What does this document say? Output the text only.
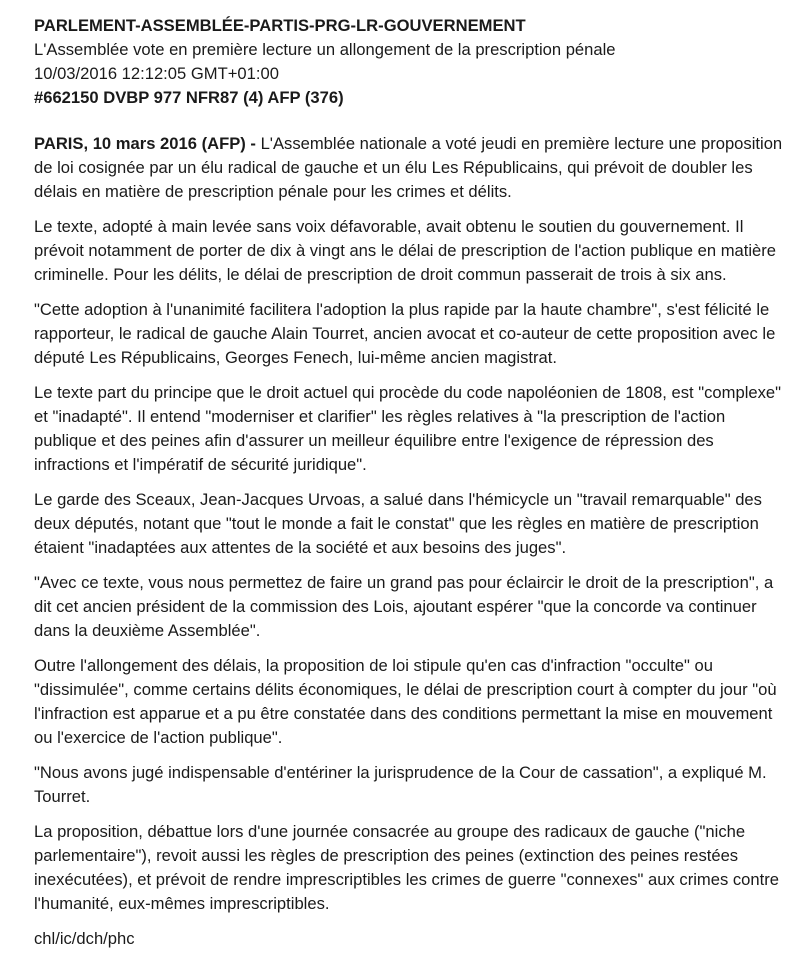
PARLEMENT-ASSEMBLÉE-PARTIS-PRG-LR-GOUVERNEMENT

L'Assemblée vote en première lecture un allongement de la prescription pénale

10/03/2016 12:12:05 GMT+01:00

#662150 DVBP 977 NFR87 (4) AFP (376)

PARIS, 10 mars 2016 (AFP) - L'Assemblée nationale a voté jeudi en première lecture une proposition de loi cosignée par un élu radical de gauche et un élu Les Républicains, qui prévoit de doubler les délais en matière de prescription pénale pour les crimes et délits.

Le texte, adopté à main levée sans voix défavorable, avait obtenu le soutien du gouvernement. Il prévoit notamment de porter de dix à vingt ans le délai de prescription de l'action publique en matière criminelle. Pour les délits, le délai de prescription de droit commun passerait de trois à six ans.

"Cette adoption à l'unanimité facilitera l'adoption la plus rapide par la haute chambre", s'est félicité le rapporteur, le radical de gauche Alain Tourret, ancien avocat et co-auteur de cette proposition avec le député Les Républicains, Georges Fenech, lui-même ancien magistrat.

Le texte part du principe que le droit actuel qui procède du code napoléonien de 1808, est "complexe" et "inadapté". Il entend "moderniser et clarifier" les règles relatives à "la prescription de l'action publique et des peines afin d'assurer un meilleur équilibre entre l'exigence de répression des infractions et l'impératif de sécurité juridique".

Le garde des Sceaux, Jean-Jacques Urvoas, a salué dans l'hémicycle un "travail remarquable" des deux députés, notant que "tout le monde a fait le constat" que les règles en matière de prescription étaient "inadaptées aux attentes de la société et aux besoins des juges".

"Avec ce texte, vous nous permettez de faire un grand pas pour éclaircir le droit de la prescription", a dit cet ancien président de la commission des Lois, ajoutant espérer "que la concorde va continuer dans la deuxième Assemblée".

Outre l'allongement des délais, la proposition de loi stipule qu'en cas d'infraction "occulte" ou "dissimulée", comme certains délits économiques, le délai de prescription court à compter du jour "où l'infraction est apparue et a pu être constatée dans des conditions permettant la mise en mouvement ou l'exercice de l'action publique".

"Nous avons jugé indispensable d'entériner la jurisprudence de la Cour de cassation", a expliqué M. Tourret.

La proposition, débattue lors d'une journée consacrée au groupe des radicaux de gauche ("niche parlementaire"), revoit aussi les règles de prescription des peines (extinction des peines restées inexécutées), et prévoit de rendre imprescriptibles les crimes de guerre "connexes" aux crimes contre l'humanité, eux-mêmes imprescriptibles.

chl/ic/dch/phc
